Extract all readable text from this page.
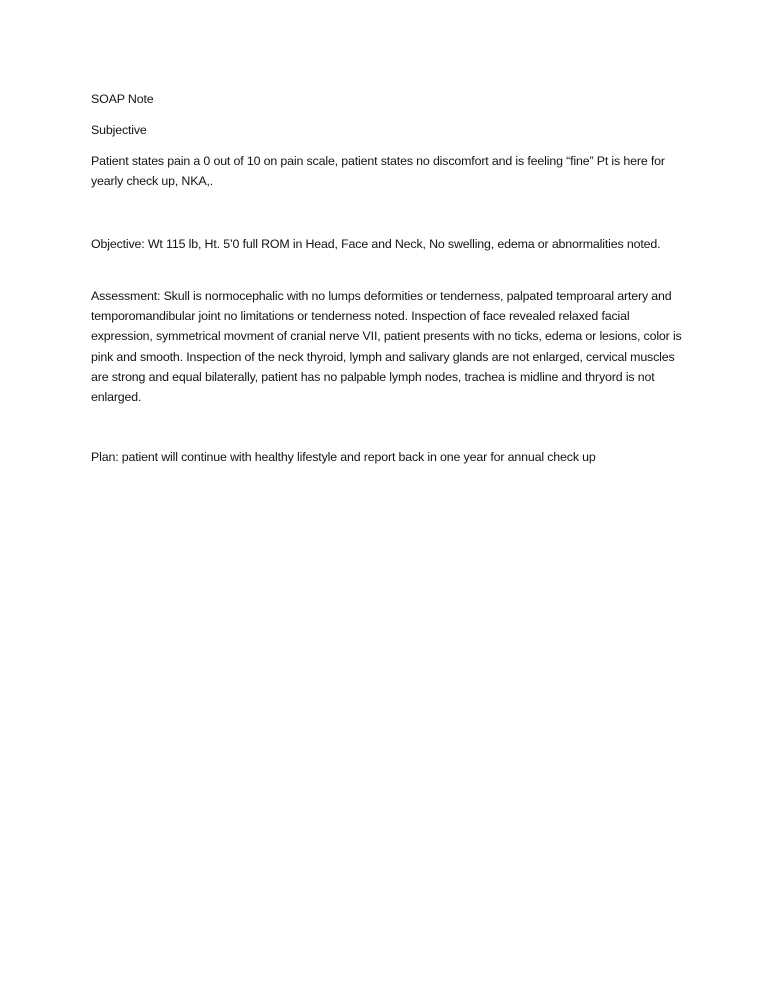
SOAP Note

Subjective

Patient states pain a 0 out of 10 on pain scale, patient states no discomfort and is feeling “fine” Pt is here for yearly check up, NKA,.

Objective: Wt 115 lb, Ht. 5’0 full ROM in Head, Face and Neck, No swelling, edema or abnormalities noted.

Assessment: Skull is normocephalic with no lumps deformities or tenderness, palpated temproaral artery and temporomandibular joint no limitations or tenderness noted. Inspection of face revealed relaxed facial expression, symmetrical movment of cranial nerve VII, patient presents with no ticks, edema or lesions, color is pink and smooth. Inspection of the neck thyroid, lymph and salivary glands are not enlarged, cervical muscles are strong and equal bilaterally, patient has no palpable lymph nodes, trachea is midline and thryord is not enlarged.

Plan: patient will continue with healthy lifestyle and report back in one year for annual check up
